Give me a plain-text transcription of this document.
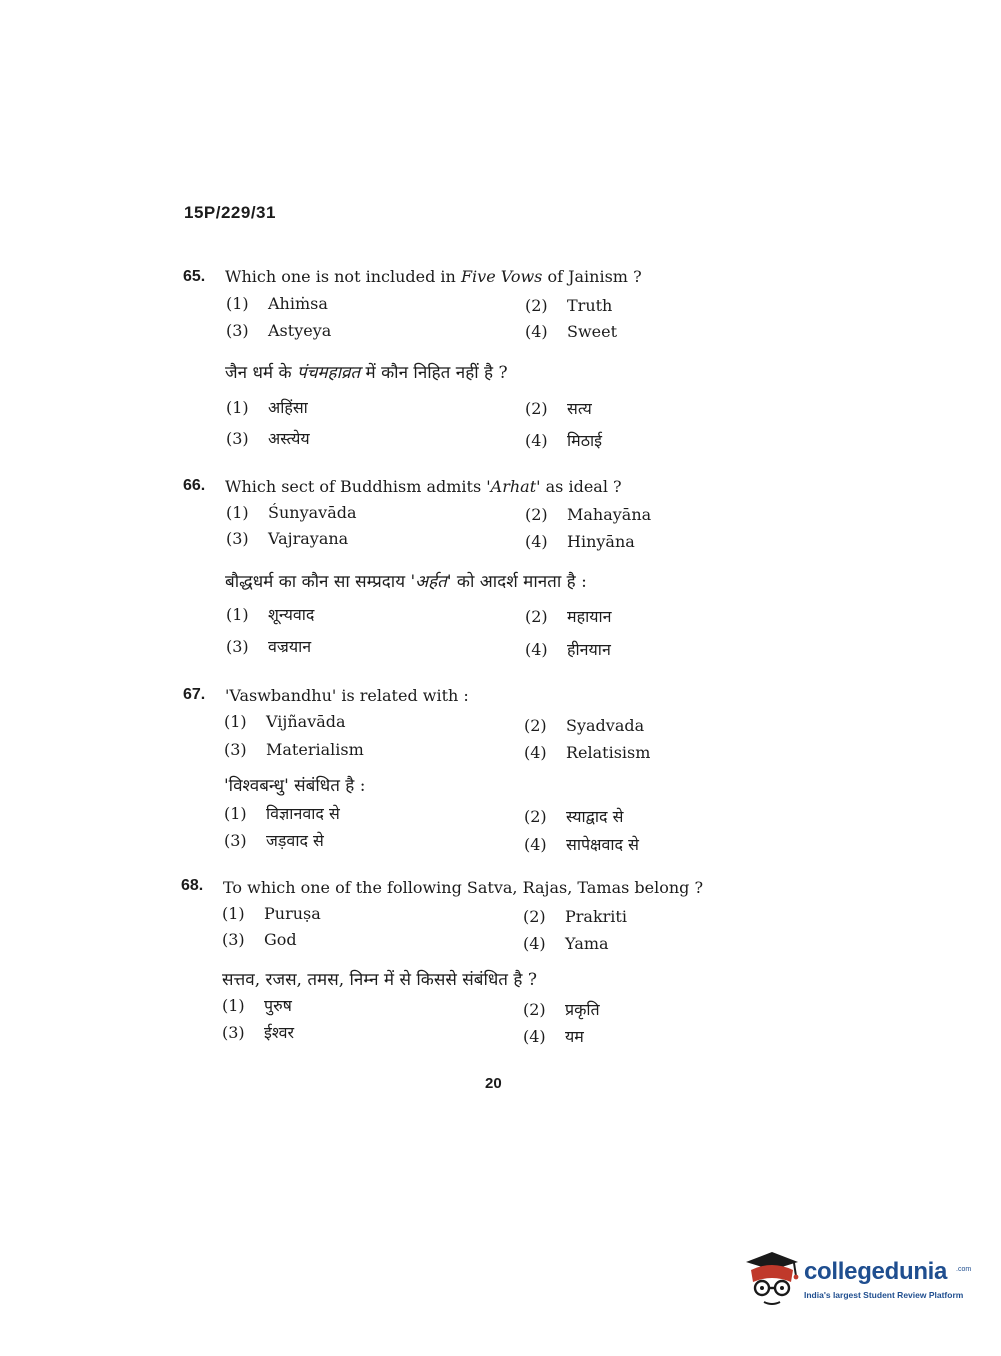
15P/229/31
65. Which one is not included in Five Vows of Jainism ?
(1) Ahiṁsa	(2) Truth
(3) Astyeya	(4) Sweet
जैन धर्म के पंचमहाव्रत में कौन निहित नहीं है ?
(1) अहिंसा	(2) सत्य
(3) अस्त्येय	(4) मिठाई
66. Which sect of Buddhism admits 'Arhat' as ideal ?
(1) Śunyavāda	(2) Mahayāna
(3) Vajrayana	(4) Hinyāna
बौद्धधर्म का कौन सा सम्प्रदाय 'अर्हत' को आदर्श मानता है :
(1) शून्यवाद	(2) महायान
(3) वज्रयान	(4) हीनयान
67. 'Vaswbandhu' is related with :
(1) Vijñavāda	(2) Syadvada
(3) Materialism	(4) Relatisism
'विश्वबन्धु' संबंधित है :
(1) विज्ञानवाद से	(2) स्याद्वाद से
(3) जड़वाद से	(4) सापेक्षवाद से
68. To which one of the following Satva, Rajas, Tamas belong ?
(1) Puruṣa	(2) Prakriti
(3) God	(4) Yama
सत्तव, रजस, तमस, निम्न में से किससे संबंधित है ?
(1) पुरुष	(2) प्रकृति
(3) ईश्वर	(4) यम
20
collegedunia .com
India's largest Student Review Platform
